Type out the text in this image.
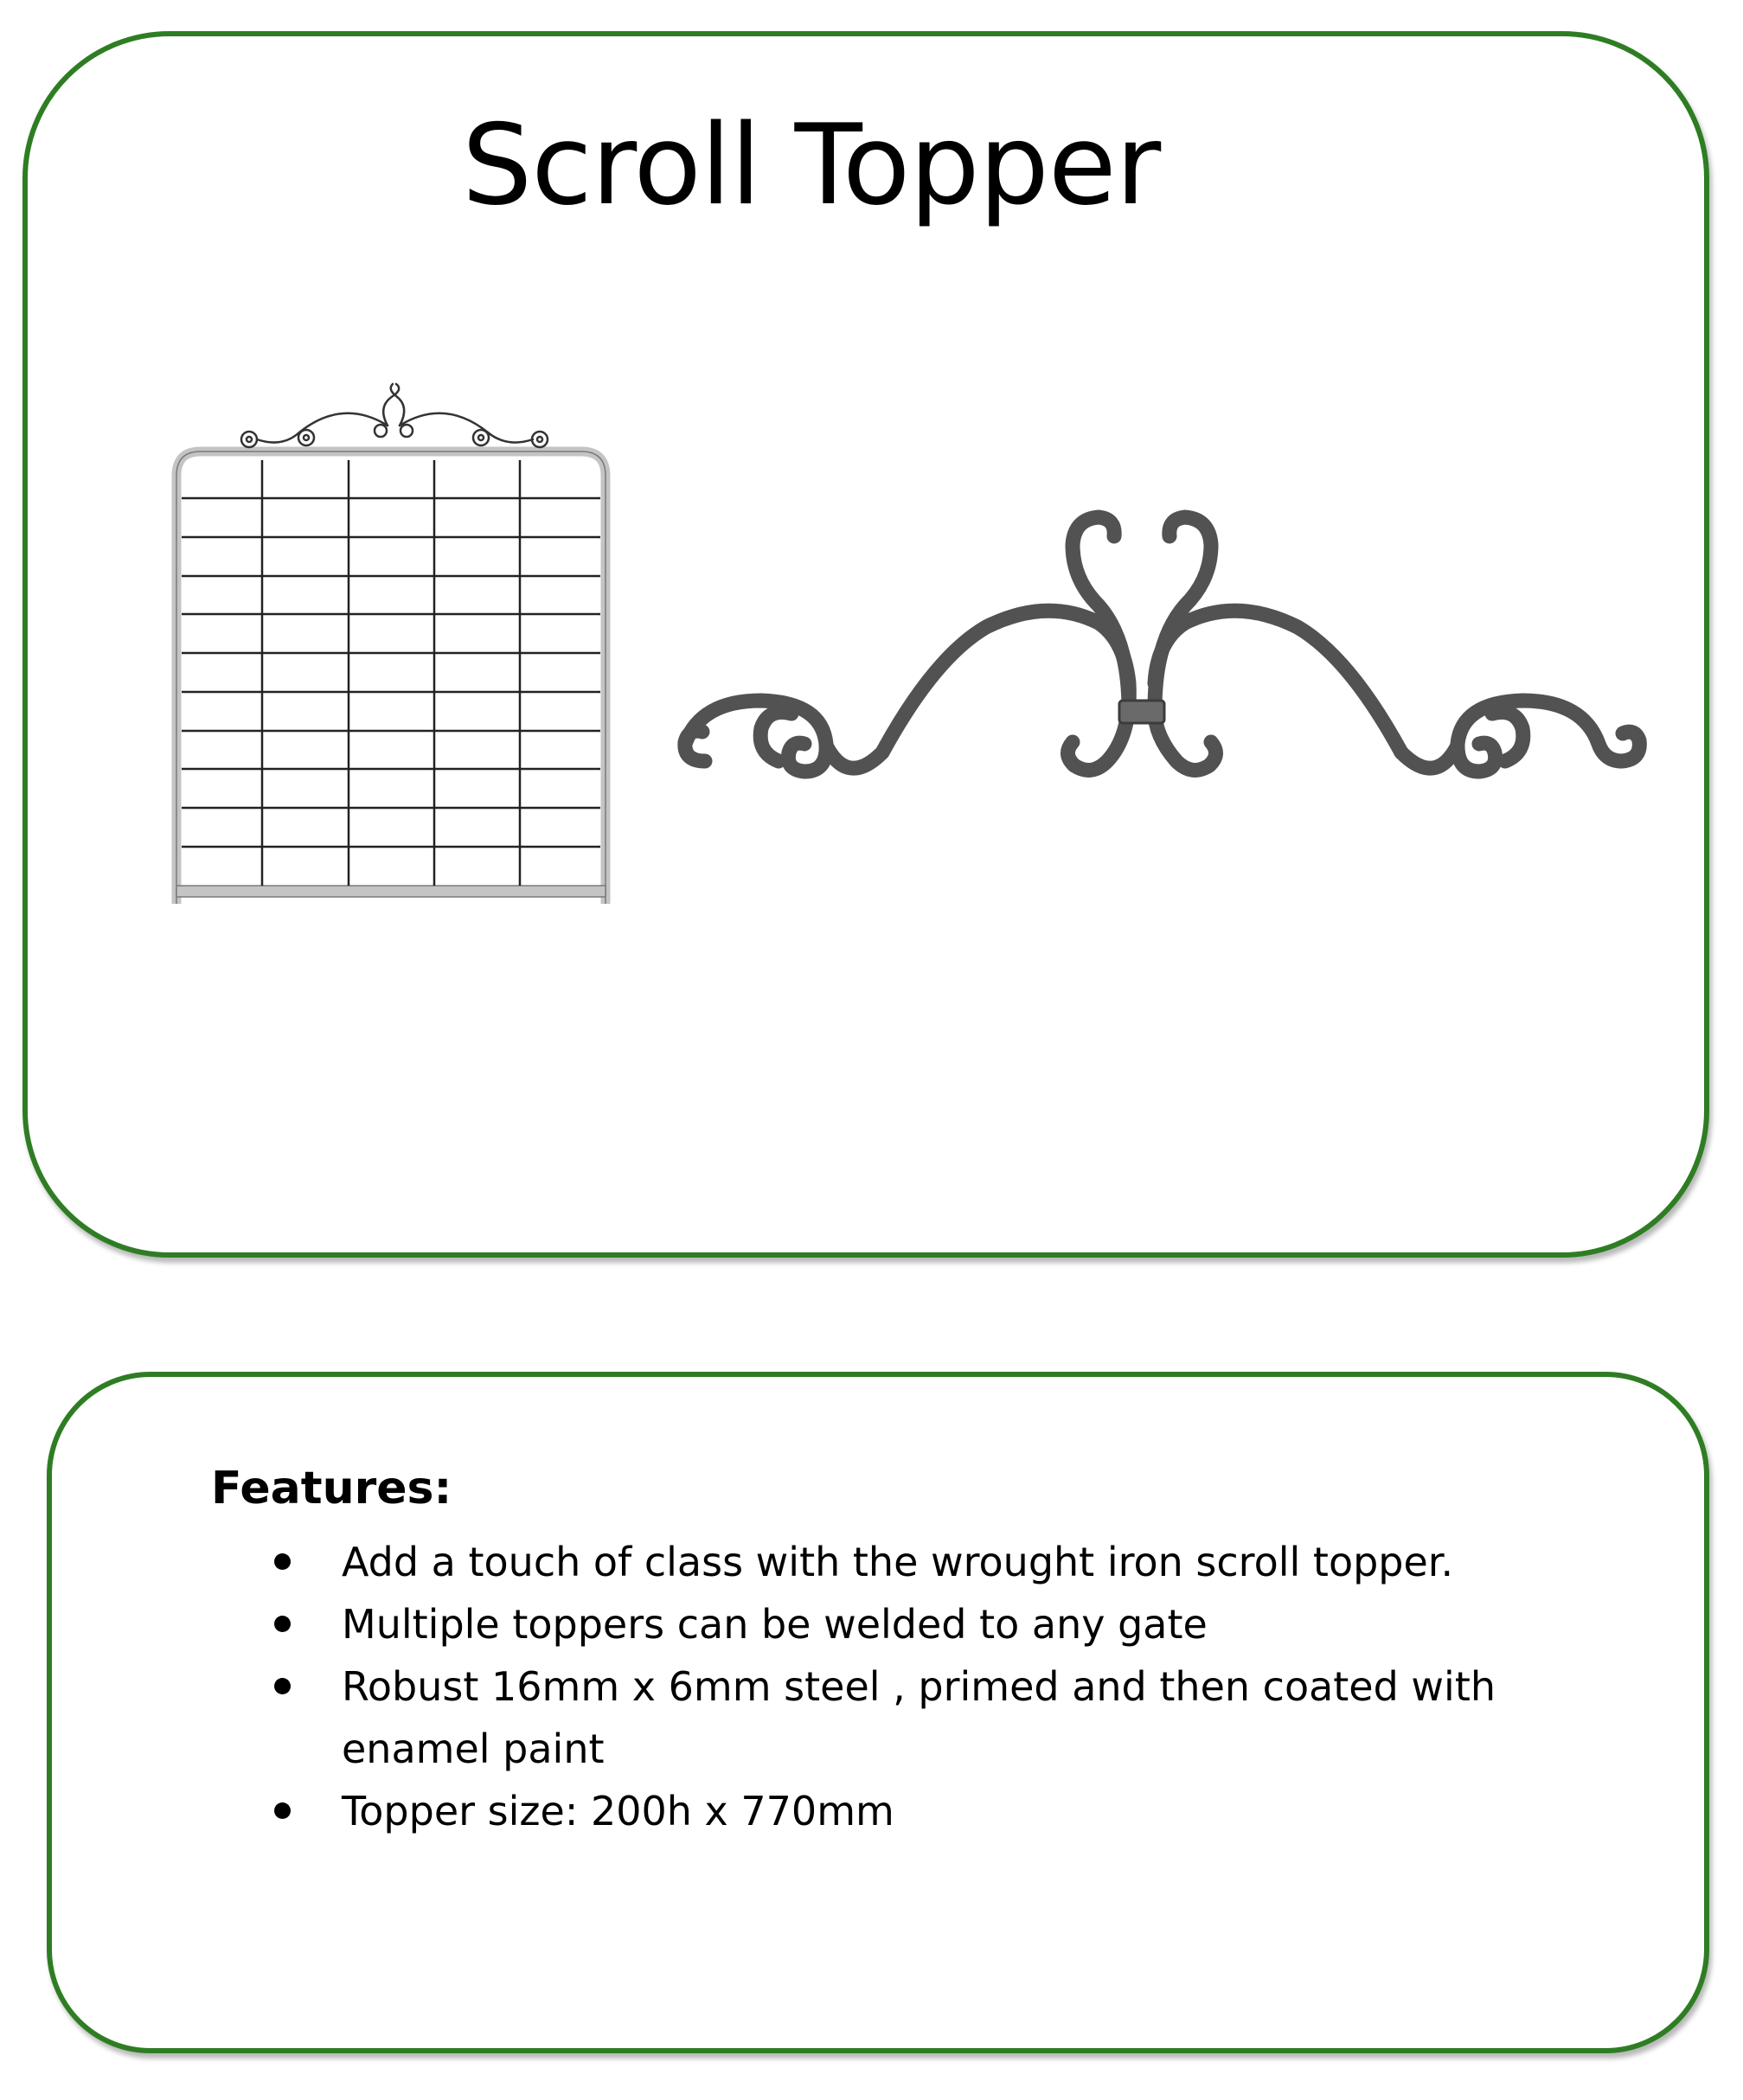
Scroll Topper
Features:
Add a touch of class with the wrought iron scroll topper.
Multiple toppers can be welded to any gate
Robust 16mm x 6mm steel , primed and then coated with enamel paint
Topper size: 200h x 770mm
